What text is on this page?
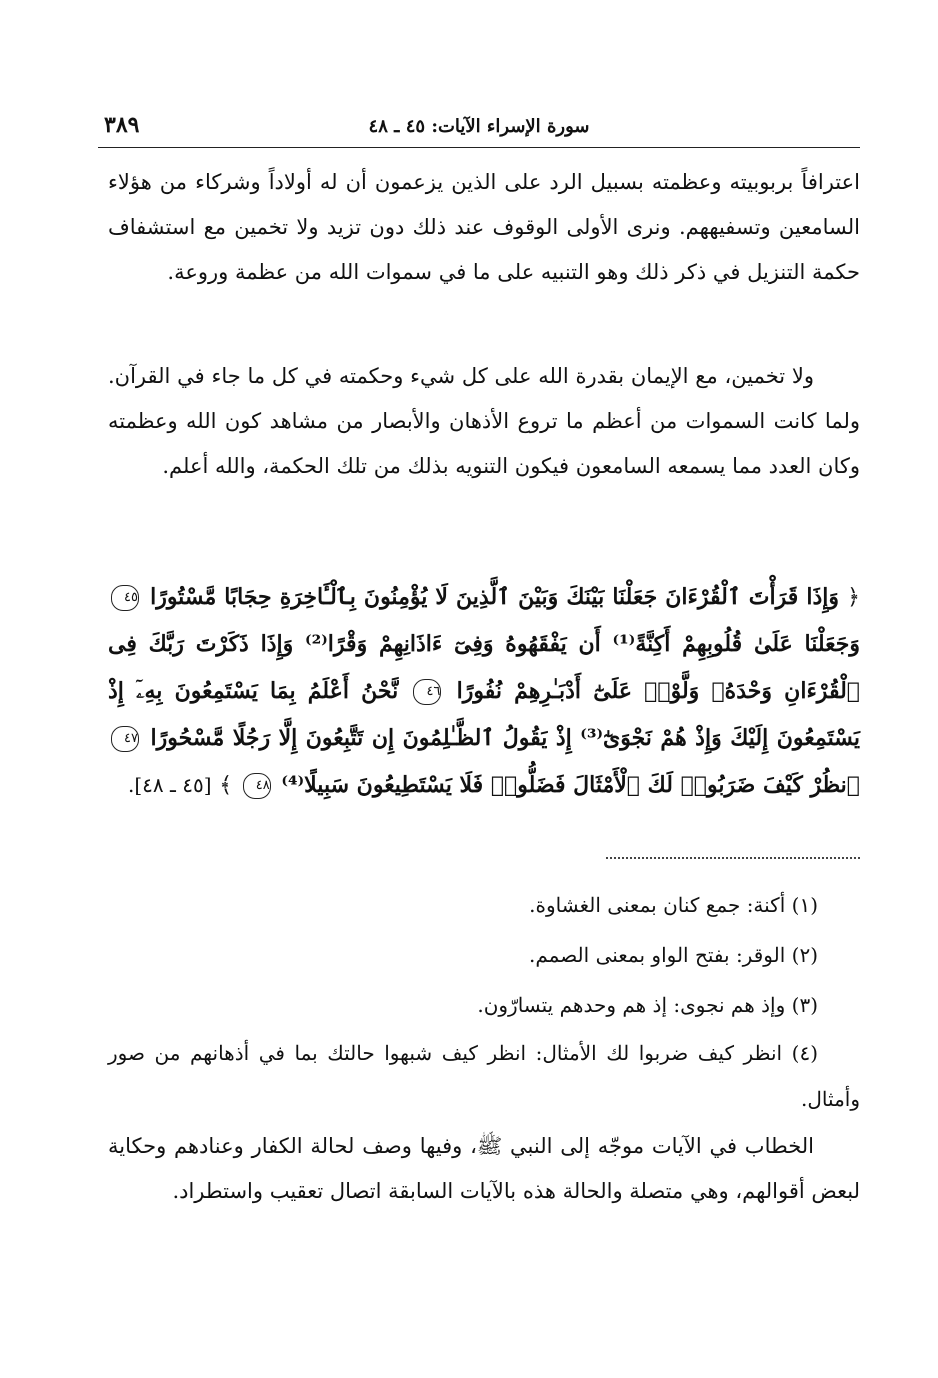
سورة الإسراء الآيات: ٤٥ ـ ٤٨
٣٨٩

اعترافاً بربوبيته وعظمته بسبيل الرد على الذين يزعمون أن له أولاداً وشركاء من هؤلاء السامعين وتسفيههم. ونرى الأولى الوقوف عند ذلك دون تزيد ولا تخمين مع استشفاف حكمة التنزيل في ذكر ذلك وهو التنبيه على ما في سموات الله من عظمة وروعة.

ولا تخمين، مع الإيمان بقدرة الله على كل شيء وحكمته في كل ما جاء في القرآن. ولما كانت السموات من أعظم ما تروع الأذهان والأبصار من مشاهد كون الله وعظمته وكان العدد مما يسمعه السامعون فيكون التنويه بذلك من تلك الحكمة، والله أعلم.

﴿ وَإِذَا قَرَأْتَ ٱلْقُرْءَانَ جَعَلْنَا بَيْنَكَ وَبَيْنَ ٱلَّذِينَ لَا يُؤْمِنُونَ بِٱلْـَٔاخِرَةِ حِجَابًا مَّسْتُورًا ٤٥ وَجَعَلْنَا عَلَىٰ قُلُوبِهِمْ أَكِنَّةً⁽¹⁾ أَن يَفْقَهُوهُ وَفِىٓ ءَاذَانِهِمْ وَقْرًا⁽²⁾ وَإِذَا ذَكَرْتَ رَبَّكَ فِى ٱلْقُرْءَانِ وَحْدَهُۥ وَلَّوْا۟ عَلَىٰٓ أَدْبَـٰرِهِمْ نُفُورًا ٤٦ نَّحْنُ أَعْلَمُ بِمَا يَسْتَمِعُونَ بِهِۦٓ إِذْ يَسْتَمِعُونَ إِلَيْكَ وَإِذْ هُمْ نَجْوَىٰٓ⁽³⁾ إِذْ يَقُولُ ٱلظَّـٰلِمُونَ إِن تَتَّبِعُونَ إِلَّا رَجُلًا مَّسْحُورًا ٤٧ ٱنظُرْ كَيْفَ ضَرَبُوا۟ لَكَ ٱلْأَمْثَالَ فَضَلُّوا۟ فَلَا يَسْتَطِيعُونَ سَبِيلًا⁽⁴⁾ ٤٨ ﴾ [٤٥ ـ ٤٨].

(١) أكنة: جمع كنان بمعنى الغشاوة.

(٢) الوقر: بفتح الواو بمعنى الصمم.

(٣) وإذ هم نجوى: إذ هم وحدهم يتسارّون.

(٤) انظر كيف ضربوا لك الأمثال: انظر كيف شبهوا حالتك بما في أذهانهم من صور وأمثال.

الخطاب في الآيات موجّه إلى النبي ﷺ، وفيها وصف لحالة الكفار وعنادهم وحكاية لبعض أقوالهم، وهي متصلة والحالة هذه بالآيات السابقة اتصال تعقيب واستطراد.
